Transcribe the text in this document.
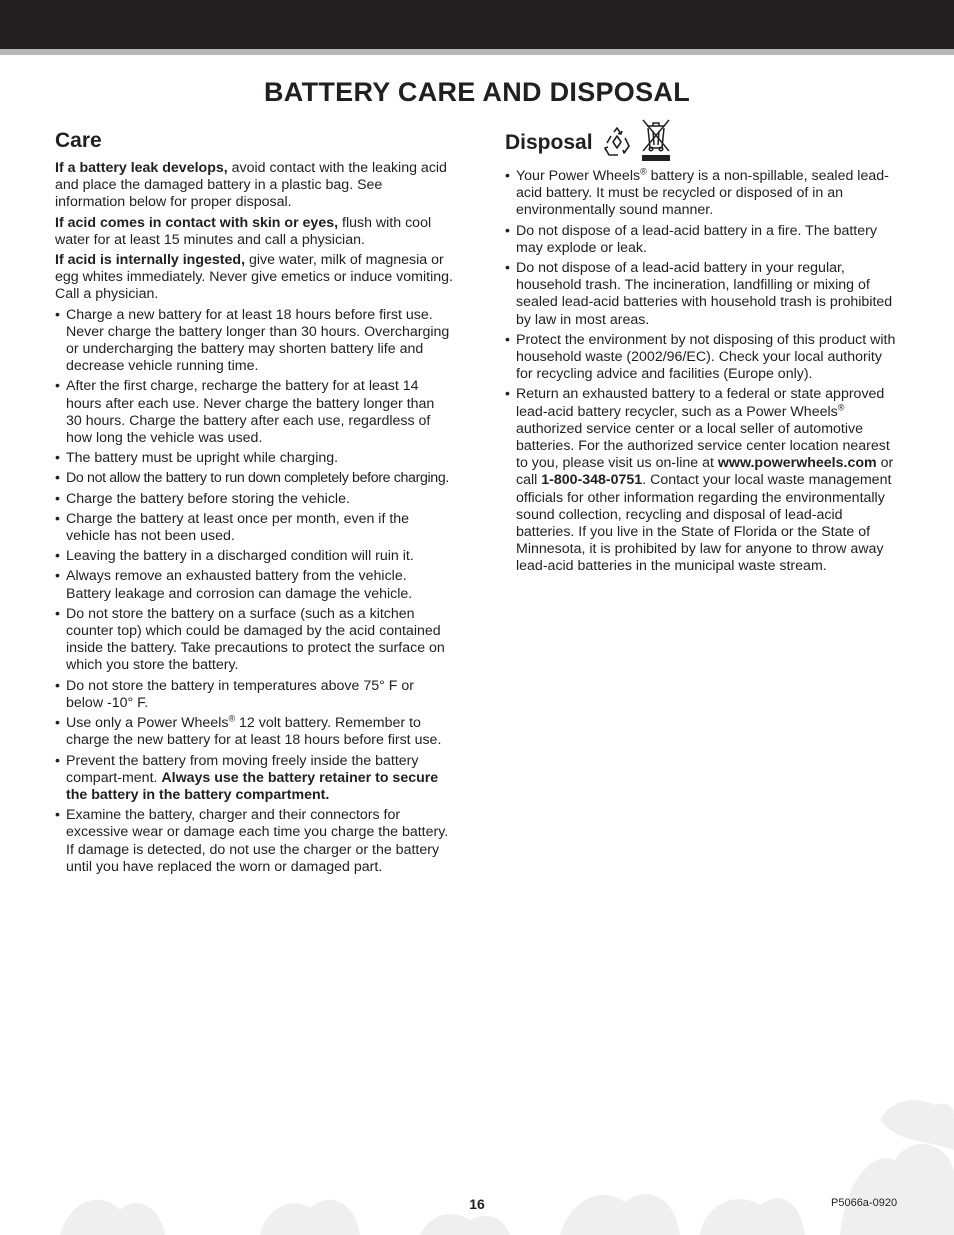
BATTERY CARE AND DISPOSAL
Care

If a battery leak develops, avoid contact with the leaking acid and place the damaged battery in a plastic bag. See information below for proper disposal.

If acid comes in contact with skin or eyes, flush with cool water for at least 15 minutes and call a physician.

If acid is internally ingested, give water, milk of magnesia or egg whites immediately. Never give emetics or induce vomiting. Call a physician.

• Charge a new battery for at least 18 hours before first use. Never charge the battery longer than 30 hours. Overcharging or undercharging the battery may shorten battery life and decrease vehicle running time.
• After the first charge, recharge the battery for at least 14 hours after each use. Never charge the battery longer than 30 hours. Charge the battery after each use, regardless of how long the vehicle was used.
• The battery must be upright while charging.
• Do not allow the battery to run down completely before charging.
• Charge the battery before storing the vehicle.
• Charge the battery at least once per month, even if the vehicle has not been used.
• Leaving the battery in a discharged condition will ruin it.
• Always remove an exhausted battery from the vehicle. Battery leakage and corrosion can damage the vehicle.
• Do not store the battery on a surface (such as a kitchen counter top) which could be damaged by the acid contained inside the battery. Take precautions to protect the surface on which you store the battery.
• Do not store the battery in temperatures above 75° F or below -10° F.
• Use only a Power Wheels® 12 volt battery. Remember to charge the new battery for at least 18 hours before first use.
• Prevent the battery from moving freely inside the battery compart-ment. Always use the battery retainer to secure the battery in the battery compartment.
• Examine the battery, charger and their connectors for excessive wear or damage each time you charge the battery. If damage is detected, do not use the charger or the battery until you have replaced the worn or damaged part.
Disposal
• Your Power Wheels® battery is a non-spillable, sealed lead-acid battery. It must be recycled or disposed of in an environmentally sound manner.
• Do not dispose of a lead-acid battery in a fire. The battery may explode or leak.
• Do not dispose of a lead-acid battery in your regular, household trash. The incineration, landfilling or mixing of sealed lead-acid batteries with household trash is prohibited by law in most areas.
• Protect the environment by not disposing of this product with household waste (2002/96/EC). Check your local authority for recycling advice and facilities (Europe only).
• Return an exhausted battery to a federal or state approved lead-acid battery recycler, such as a Power Wheels® authorized service center or a local seller of automotive batteries. For the authorized service center location nearest to you, please visit us on-line at www.powerwheels.com or call 1-800-348-0751. Contact your local waste management officials for other information regarding the environmentally sound collection, recycling and disposal of lead-acid batteries. If you live in the State of Florida or the State of Minnesota, it is prohibited by law for anyone to throw away lead-acid batteries in the municipal waste stream.
16	P5066a-0920
